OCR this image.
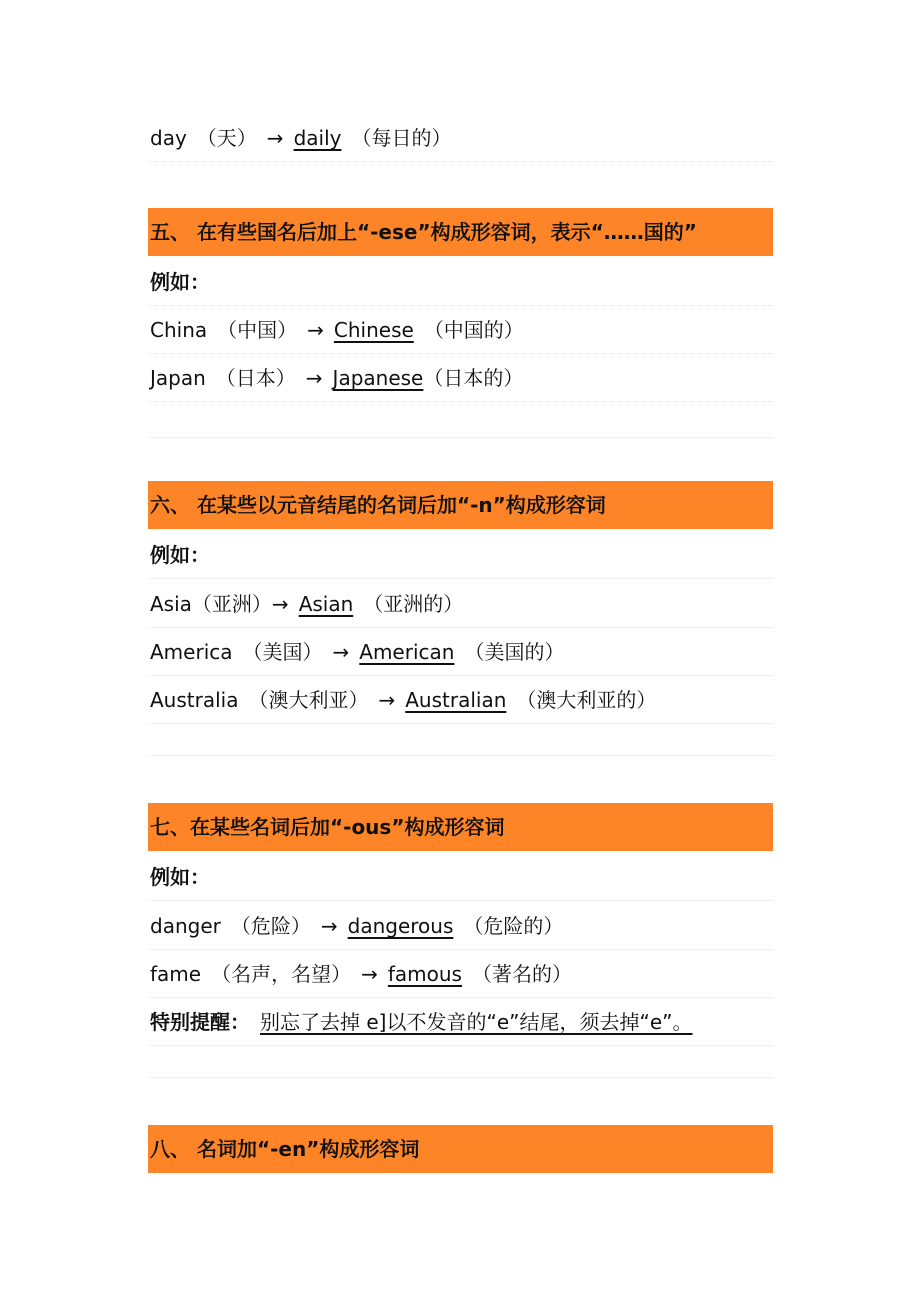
day （天） → daily （每日的）
五、 在有些国名后加上“-ese”构成形容词，表示“……国的”
例如：
China （中国） → Chinese （中国的）
Japan （日本） → Japanese（日本的）
六、 在某些以元音结尾的名词后加“-n”构成形容词
例如：
Asia（亚洲）→ Asian （亚洲的）
America （美国） → American （美国的）
Australia （澳大利亚） → Australian （澳大利亚的）
七、在某些名词后加“-ous”构成形容词
例如：
danger （危险） → dangerous （危险的）
fame （名声，名望） → famous （著名的）
特别提醒： 别忘了去掉 e]以不发音的“e”结尾，须去掉“e”。
八、 名词加“-en”构成形容词
